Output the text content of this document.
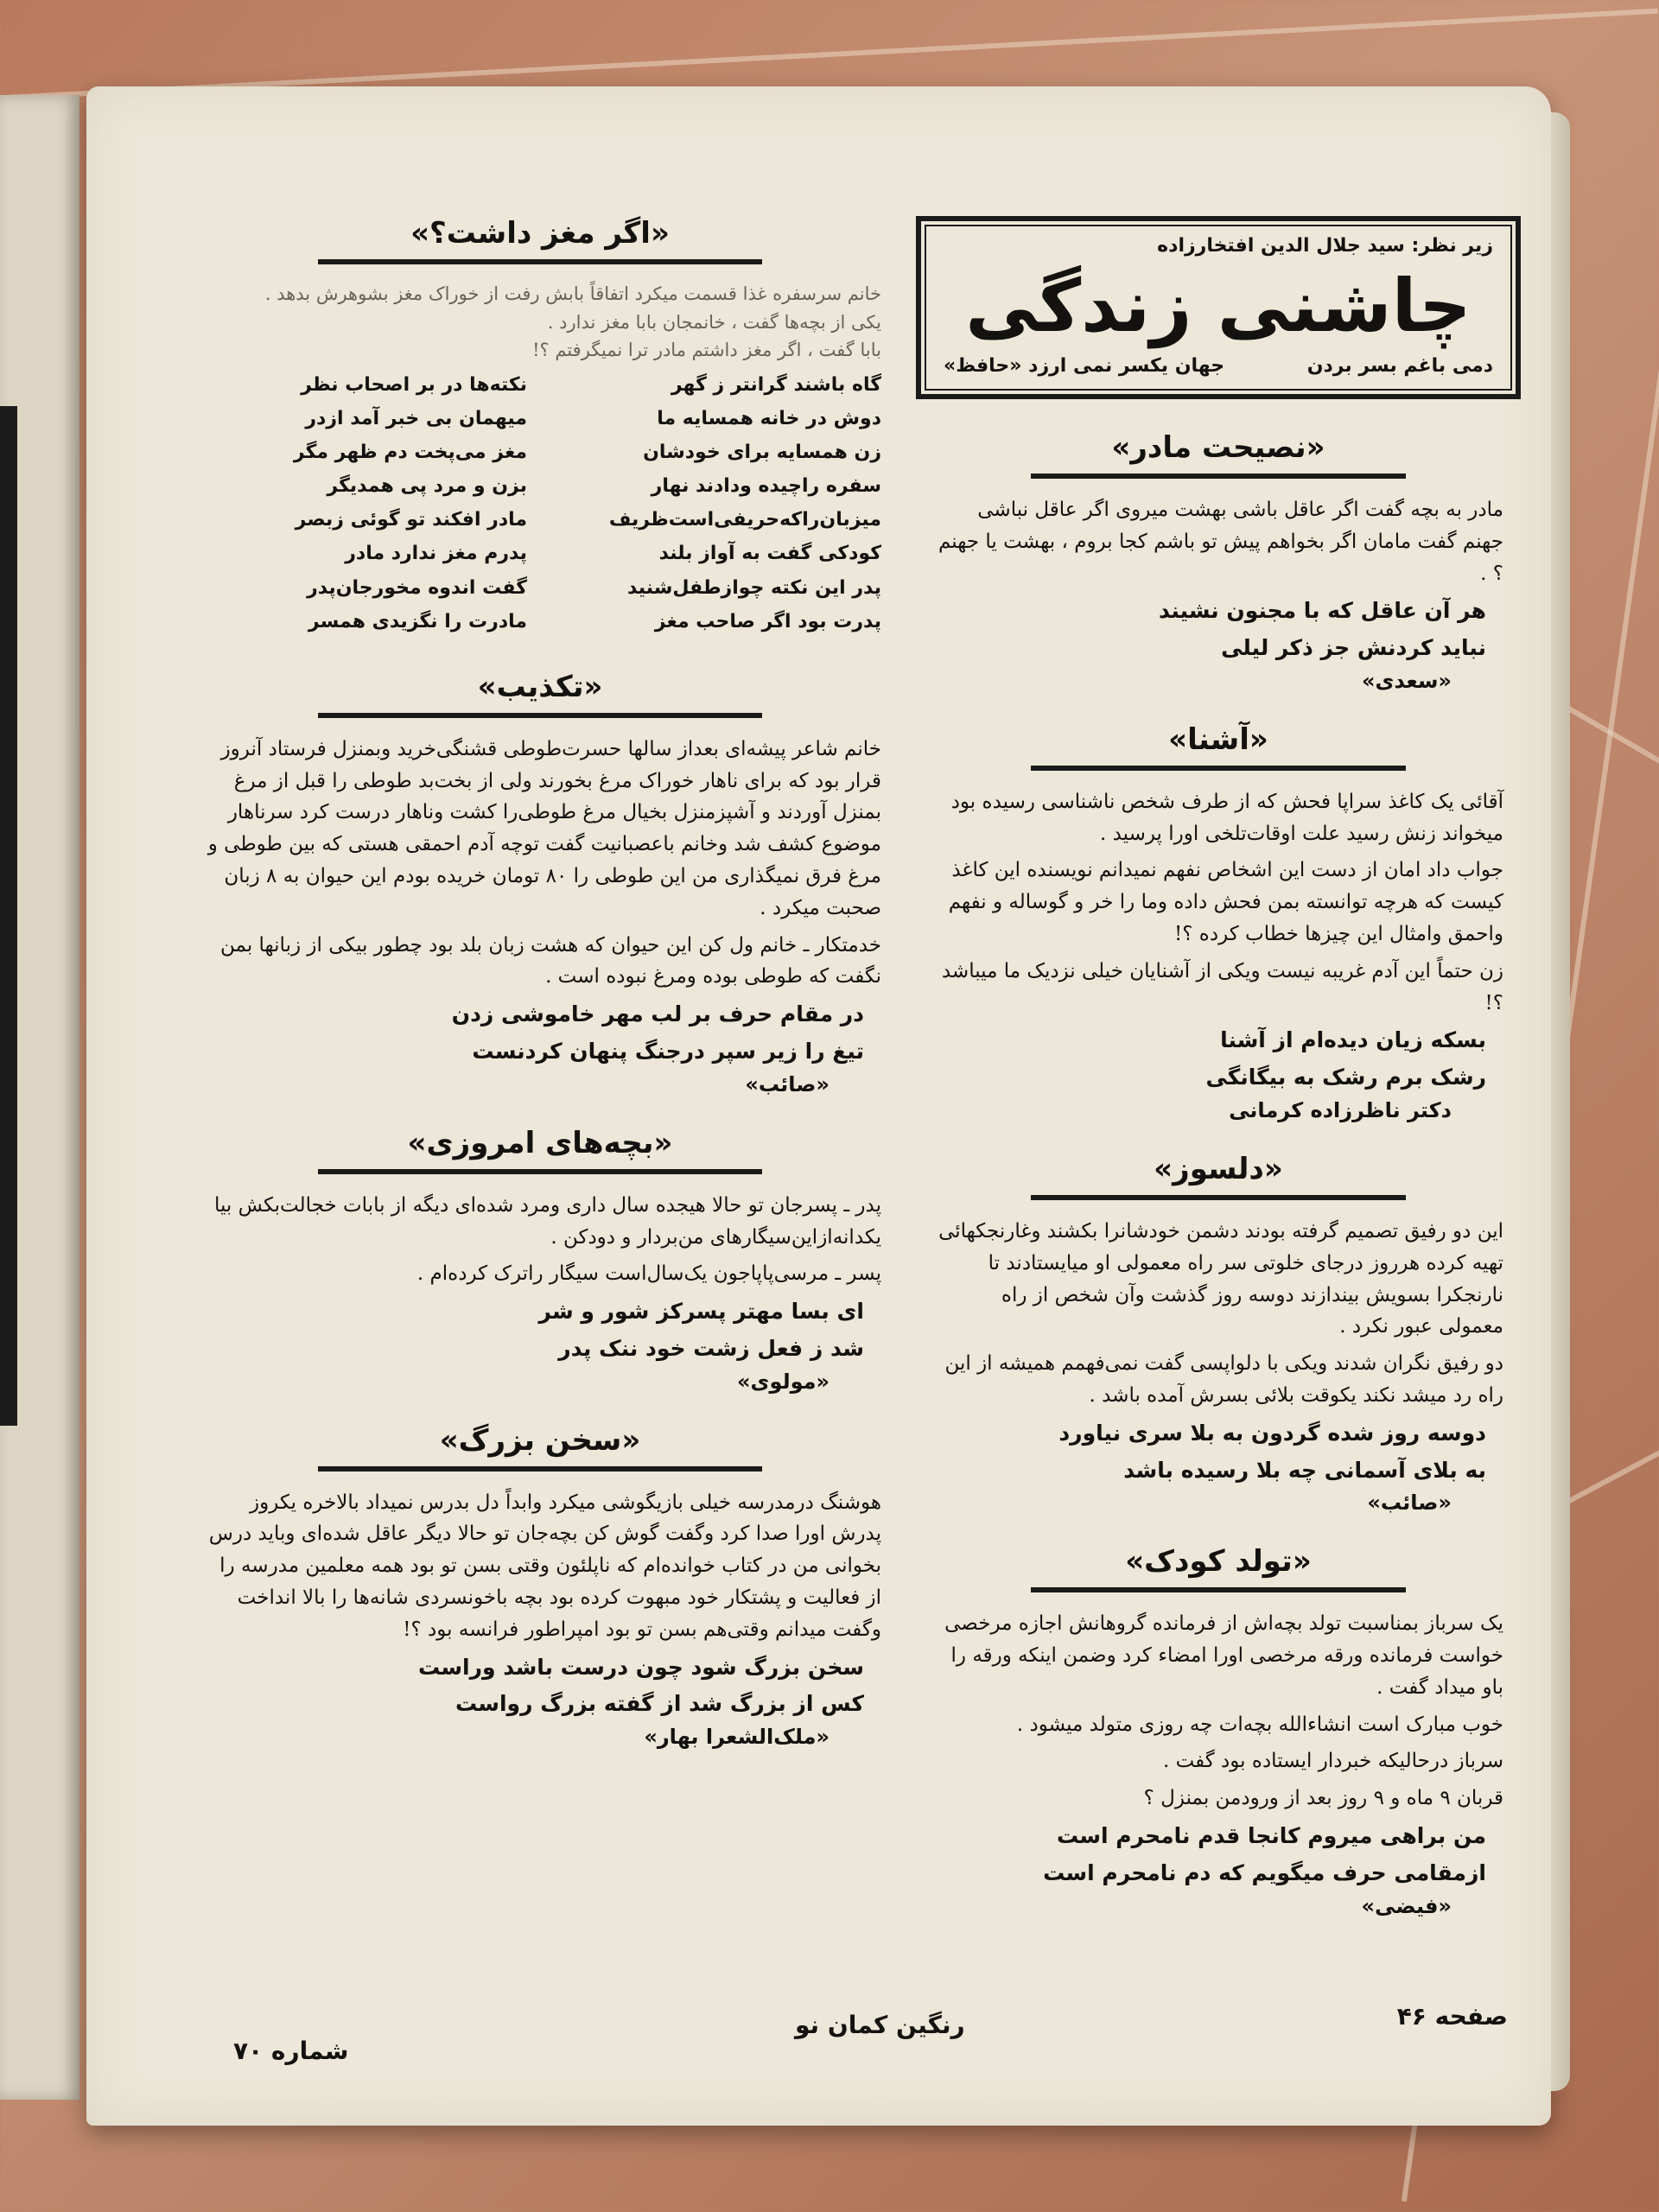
زیر نظر: سید جلال الدین افتخارزاده
چاشنی زندگی
دمی باغم بسر بردن
جهان یکسر نمی ارزد «حافظ»
«نصیحت مادر»

مادر به بچه گفت اگر عاقل باشی بهشت میروی اگر عاقل نباشی جهنم گفت مامان اگر بخواهم پیش تو باشم کجا بروم ، بهشت یا جهنم ؟ .

هر آن عاقل که با مجنون نشیند

نباید کردنش جز ذکر لیلی

«سعدی»

«آشنا»

آقائی یک کاغذ سراپا فحش که از طرف شخص ناشناسی رسیده بود میخواند زنش رسید علت اوقات‌تلخی اورا پرسید .

جواب داد امان از دست این اشخاص نفهم نمیدانم نویسنده این کاغذ کیست که هرچه توانسته بمن فحش داده وما را خر و گوساله و نفهم واحمق وامثال این چیزها خطاب کرده ؟!

زن حتماً این آدم غریبه نیست ویکی از آشنایان خیلی نزدیک ما میباشد ؟!

بسکه زیان دیده‌ام از آشنا

رشک برم رشک به بیگانگی

دکتر ناظرزاده کرمانی

«دلسوز»

این دو رفیق تصمیم گرفته بودند دشمن خودشانرا بکشند وغارنجکهائی تهیه کرده هرروز درجای خلوتی سر راه معمولی او میایستادند تا نارنجکرا بسویش بیندازند دوسه روز گذشت وآن شخص از راه معمولی عبور نکرد .

دو رفیق نگران شدند ویکی با دلواپسی گفت نمی‌فهمم همیشه از این راه رد میشد نکند یکوقت بلائی بسرش آمده باشد .

دوسه روز شده گردون به بلا سری نیاورد

به بلای آسمانی چه بلا رسیده باشد

«صائب»

«تولد کودک»

یک سرباز بمناسبت تولد بچه‌اش از فرمانده گروهانش اجازه مرخصی خواست فرمانده ورقه مرخصی اورا امضاء کرد وضمن اینکه ورقه را باو میداد گفت .

خوب مبارک است انشاءالله بچه‌ات چه روزی متولد میشود .

سرباز درحالیکه خبردار ایستاده بود گفت .

قربان ۹ ماه و ۹ روز بعد از ورودمن بمنزل ؟

من براهی میروم کانجا قدم نامحرم است

ازمقامی حرف میگویم که دم نامحرم است

«فیضی»

«اگر مغز داشت؟»

خانم سرسفره غذا قسمت میکرد اتفاقاً بابش رفت از خوراک مغز بشوهرش بدهد .

یکی از بچه‌ها گفت ، خانمجان بابا مغز ندارد .

بابا گفت ، اگر مغز داشتم مادر ترا نمیگرفتم ؟!

گاه باشند گرانتر ز گهر
دوش در خانه همسایه ما
زن همسایه برای خودشان
سفره راچیده وداد‌ند نهار
میزبان‌راکه‌حریفی‌است‌ظریف
کودکی گفت به آواز بلند
پدر این نکته چوازطفل‌شنید
پدرت بود اگر صاحب مغز
نکته‌ها در بر اصحاب نظر
میهمان بی خبر آمد ازدر
مغز می‌پخت دم ظهر مگر
بزن و مرد پی همدیگر
مادر افکند تو گوئی زبصر
پدرم مغز ندارد مادر
گفت اندوه مخورجان‌پدر
مادرت را نگزیدی همسر
«تکذیب»

خانم شاعر پیشه‌ای بعداز سالها حسرت‌طوطی قشنگی‌خرید وبمنزل فرستاد آنروز قرار بود که برای ناهار خوراک مرغ بخورند ولی از بخت‌بد طوطی را قبل از مرغ بمنزل آوردند و آشپزمنزل بخیال مرغ طوطی‌را کشت وناهار درست کرد سرناهار موضوع کشف شد وخانم باعصبانیت گفت توچه آدم احمقی هستی که بین طوطی و مرغ فرق نمیگذاری من این طوطی را ۸۰ تومان خریده بودم این حیوان به ۸ زبان صحبت میکرد .

خدمتکار ـ خانم ول کن این حیوان که هشت زبان بلد بود چطور بیکی از زبانها بمن نگفت که طوطی بوده ومرغ نبوده است .

در مقام حرف بر لب مهر خاموشی زدن

تیغ را زیر سپر درجنگ پنهان کردنست

«صائب»

«بچه‌های امروزی»

پدر ـ پسرجان تو حالا هیجده سال داری ومرد شده‌ای دیگه از بابات خجالت‌بکش بیا یکدانه‌از‌این‌سیگارهای من‌بردار و دودکن .

پسر ـ مرسی‌پاپاجون یک‌سال‌است سیگار راترک کرده‌ام .

ای بسا مهتر پسرکز شور و شر

شد ز فعل زشت خود ننک پدر

«مولوی»

«سخن بزرگ»

هوشنگ درمدرسه خیلی بازیگوشی میکرد وابداً دل بدرس نمیداد بالاخره یکروز پدرش اورا صدا کرد وگفت گوش کن بچه‌جان تو حالا دیگر عاقل شده‌ای وباید درس بخوانی من در کتاب خوانده‌ام که ناپلئون وقتی بسن تو بود همه معلمین مدرسه را از فعالیت و پشتکار خود مبهوت کرده بود بچه باخونسردی شانه‌ها را بالا انداخت وگفت میدانم وقتی‌هم بسن تو بود امپراطور فرانسه بود ؟!

سخن بزرگ شود چون درست باشد وراست

کس از بزرگ شد از گفته بزرگ رواست

«ملک‌الشعرا بهار»

شماره ۷۰
رنگین کمان نو	صفحه ۴۶
